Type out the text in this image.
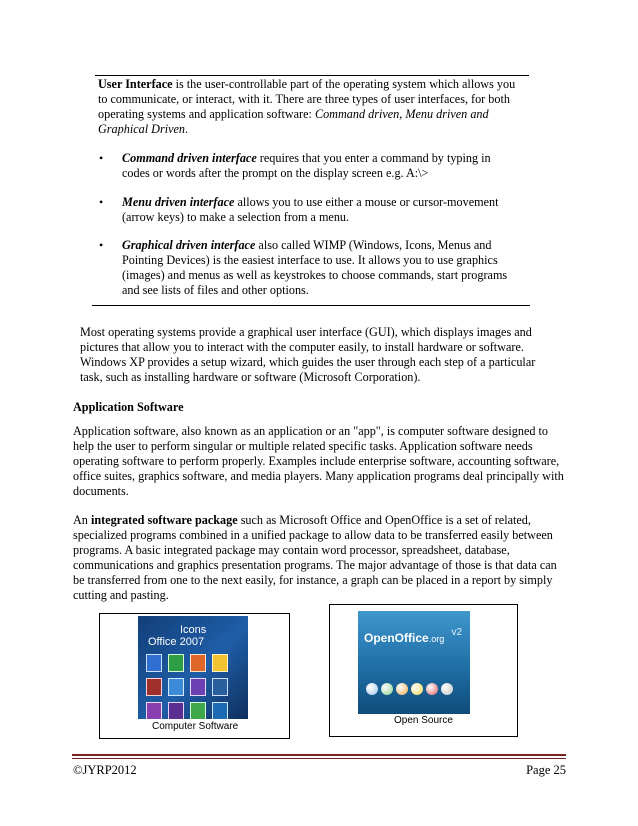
User Interface is the user-controllable part of the operating system which allows you to communicate, or interact, with it. There are three types of user interfaces, for both operating systems and application software: Command driven, Menu driven and Graphical Driven.
• Command driven interface requires that you enter a command by typing in codes or words after the prompt on the display screen e.g. A:\>
• Menu driven interface allows you to use either a mouse or cursor-movement (arrow keys) to make a selection from a menu.
• Graphical driven interface also called WIMP (Windows, Icons, Menus and Pointing Devices) is the easiest interface to use. It allows you to use graphics (images) and menus as well as keystrokes to choose commands, start programs and see lists of files and other options.
Most operating systems provide a graphical user interface (GUI), which displays images and pictures that allow you to interact with the computer easily, to install hardware or software. Windows XP provides a setup wizard, which guides the user through each step of a particular task, such as installing hardware or software (Microsoft Corporation).
Application Software
Application software, also known as an application or an "app", is computer software designed to help the user to perform singular or multiple related specific tasks. Application software needs operating software to perform properly. Examples include enterprise software, accounting software, office suites, graphics software, and media players. Many application programs deal principally with documents.
An integrated software package such as Microsoft Office and OpenOffice is a set of related, specialized programs combined in a unified package to allow data to be transferred easily between programs. A basic integrated package may contain word processor, spreadsheet, database, communications and graphics presentation programs. The major advantage of those is that data can be transferred from one to the next easily, for instance, a graph can be placed in a report by simply cutting and pasting.
Icons
Office 2007
Computer Software
OpenOffice.org
v2
Open Source
©JYRP2012	Page 25
